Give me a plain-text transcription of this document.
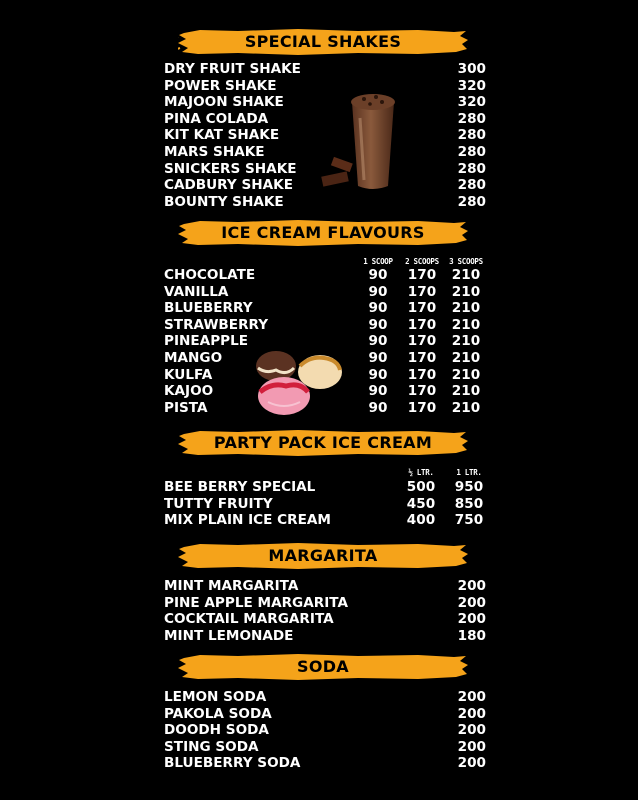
SPECIAL SHAKES
DRY FRUIT SHAKE	300
POWER SHAKE	320
MAJOON SHAKE	320
PINA COLADA	280
KIT KAT SHAKE	280
MARS SHAKE	280
SNICKERS SHAKE	280
CADBURY SHAKE	280
BOUNTY SHAKE	280
ICE CREAM FLAVOURS
1 SCOOP	2 SCOOPS	3 SCOOPS
CHOCOLATE	90	170	210
VANILLA	90	170	210
BLUEBERRY	90	170	210
STRAWBERRY	90	170	210
PINEAPPLE	90	170	210
MANGO	90	170	210
KULFA	90	170	210
KAJOO	90	170	210
PISTA	90	170	210
PARTY PACK ICE CREAM
½ LTR.	1 LTR.
BEE BERRY SPECIAL	500	950
TUTTY FRUITY	450	850
MIX PLAIN ICE CREAM	400	750
MARGARITA
MINT MARGARITA	200
PINE APPLE MARGARITA	200
COCKTAIL MARGARITA	200
MINT LEMONADE	180
SODA
LEMON SODA	200
PAKOLA SODA	200
DOODH SODA	200
STING SODA	200
BLUEBERRY SODA	200
